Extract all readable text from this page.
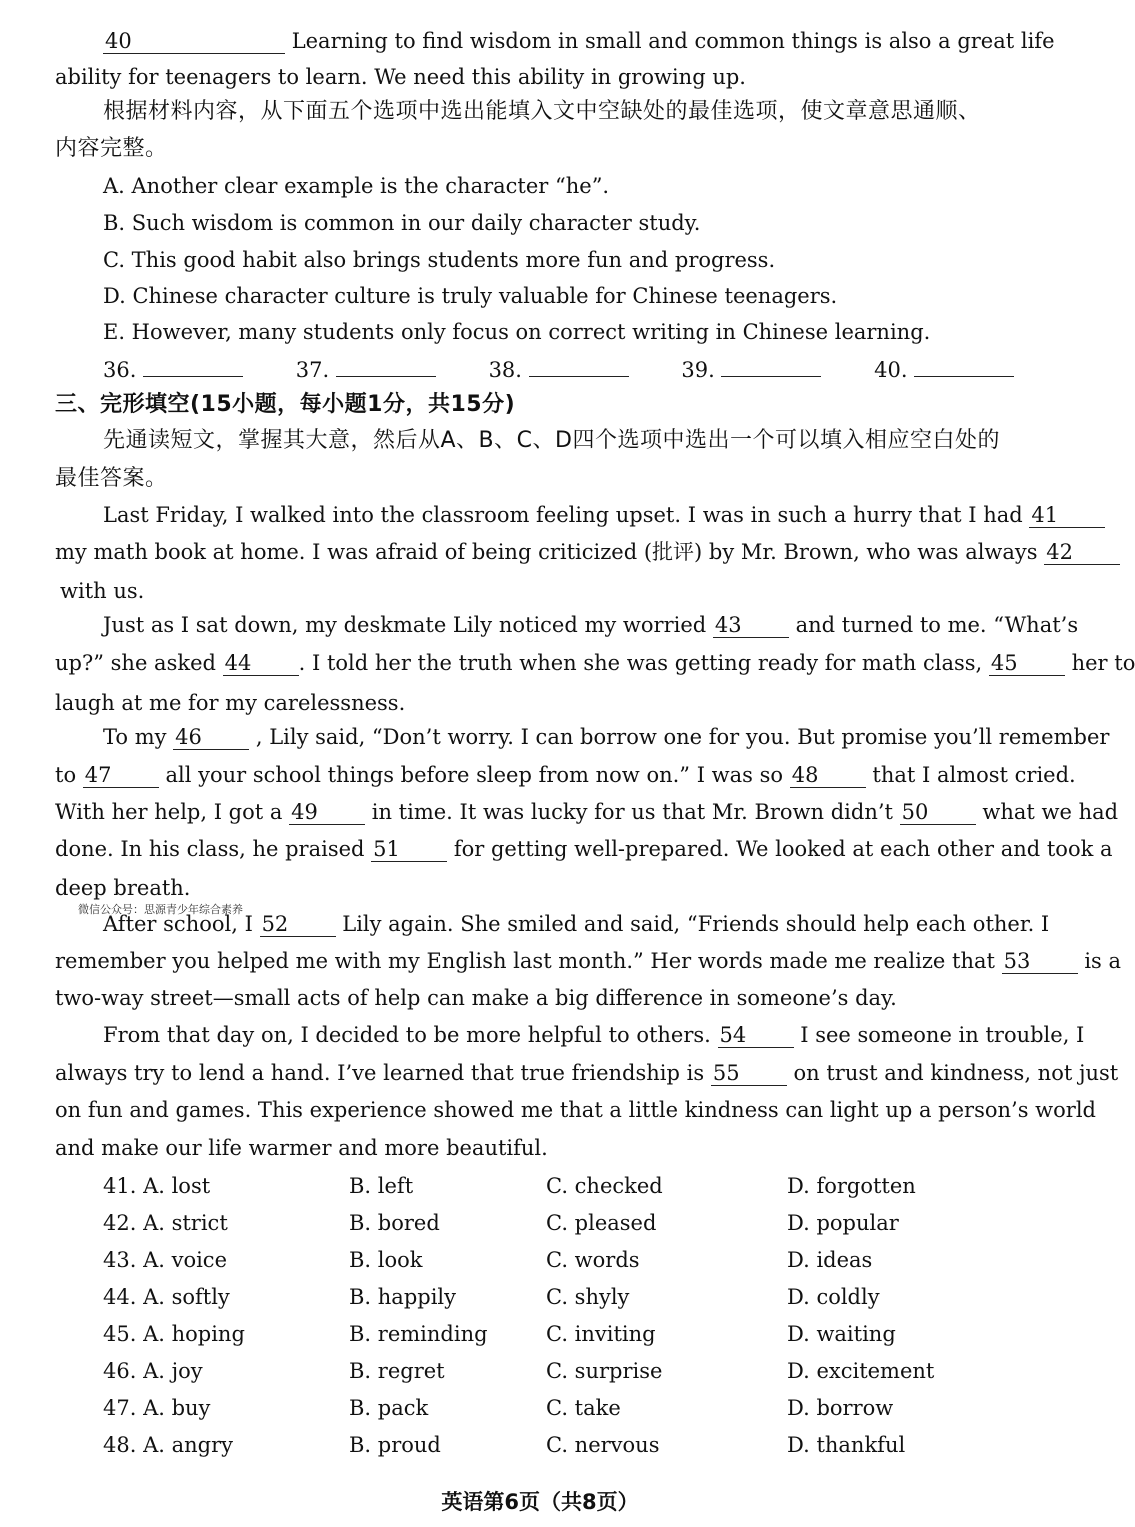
40	Learning to find wisdom in small and common things is also a great life
ability for teenagers to learn. We need this ability in growing up.
根据材料内容，从下面五个选项中选出能填入文中空缺处的最佳选项，使文章意思通顺、
内容完整。
A. Another clear example is the character “he”.
B. Such wisdom is common in our daily character study.
C. This good habit also brings students more fun and progress.
D. Chinese character culture is truly valuable for Chinese teenagers.
E. However, many students only focus on correct writing in Chinese learning.
36.	37.	38.	39.	40.
三、完形填空(15小题，每小题1分，共15分)
先通读短文，掌握其大意，然后从A、B、C、D四个选项中选出一个可以填入相应空白处的
最佳答案。
Last Friday, I walked into the classroom feeling upset. I was in such a hurry that I had 41
my math book at home. I was afraid of being criticized (批评) by Mr. Brown, who was always 42
with us.
Just as I sat down, my deskmate Lily noticed my worried 43	and turned to me. “What’s
up?” she asked 44 . I told her the truth when she was getting ready for math class, 45	her to
laugh at me for my carelessness.
To my 46	, Lily said, “Don’t worry. I can borrow one for you. But promise you’ll remember
to 47	all your school things before sleep from now on.” I was so 48	that I almost cried.
With her help, I got a 49	in time. It was lucky for us that Mr. Brown didn’t 50	what we had
done. In his class, he praised 51	for getting well-prepared. We looked at each other and took a
deep breath.
微信公众号：思源青少年综合素养
After school, I 52	Lily again. She smiled and said, “Friends should help each other. I
remember you helped me with my English last month.” Her words made me realize that 53	is a
two-way street—small acts of help can make a big difference in someone’s day.
From that day on, I decided to be more helpful to others. 54	I see someone in trouble, I
always try to lend a hand. I’ve learned that true friendship is 55	on trust and kindness, not just
on fun and games. This experience showed me that a little kindness can light up a person’s world
and make our life warmer and more beautiful.
41. A. lost	B. left	C. checked	D. forgotten
42. A. strict	B. bored	C. pleased	D. popular
43. A. voice	B. look	C. words	D. ideas
44. A. softly	B. happily	C. shyly	D. coldly
45. A. hoping	B. reminding	C. inviting	D. waiting
46. A. joy	B. regret	C. surprise	D. excitement
47. A. buy	B. pack	C. take	D. borrow
48. A. angry	B. proud	C. nervous	D. thankful
英语第6页（共8页）
